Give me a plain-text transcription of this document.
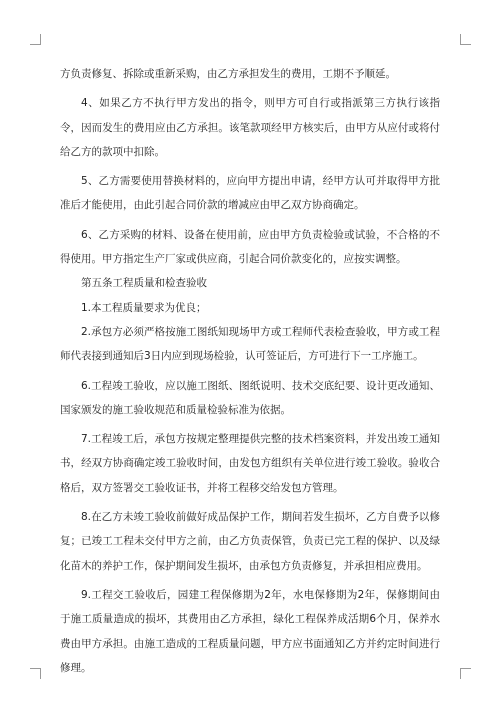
方负责修复、拆除或重新采购，由乙方承担发生的费用，工期不予顺延。

4、如果乙方不执行甲方发出的指令，则甲方可自行或指派第三方执行该指令，因而发生的费用应由乙方承担。该笔款项经甲方核实后，由甲方从应付或将付给乙方的款项中扣除。

5、乙方需要使用替换材料的，应向甲方提出申请，经甲方认可并取得甲方批准后才能使用，由此引起合同价款的增减应由甲乙双方协商确定。

6、乙方采购的材料、设备在使用前，应由甲方负责检验或试验，不合格的不得使用。甲方指定生产厂家或供应商，引起合同价款变化的，应按实调整。

第五条工程质量和检查验收

1.本工程质量要求为优良；

2.承包方必须严格按施工图纸知现场甲方或工程师代表检查验收，甲方或工程师代表接到通知后3日内应到现场检验，认可签证后，方可进行下一工序施工。

6.工程竣工验收，应以施工图纸、图纸说明、技术交底纪要、设计更改通知、国家颁发的施工验收规范和质量检验标准为依据。

7.工程竣工后，承包方按规定整理提供完整的技术档案资料，并发出竣工通知书，经双方协商确定竣工验收时间，由发包方组织有关单位进行竣工验收。验收合格后，双方签署交工验收证书，并将工程移交给发包方管理。

8.在乙方未竣工验收前做好成品保护工作，期间若发生损坏，乙方自费予以修复；已竣工工程未交付甲方之前，由乙方负责保管，负责已完工程的保护、以及绿化苗木的养护工作，保护期间发生损坏，由承包方负责修复，并承担相应费用。

9.工程交工验收后，园建工程保修期为2年，水电保修期为2年，保修期间由于施工质量造成的损坏，其费用由乙方承担，绿化工程保养成活期6个月，保养水费由甲方承担。由施工造成的工程质量问题，甲方应书面通知乙方并约定时间进行修理。
